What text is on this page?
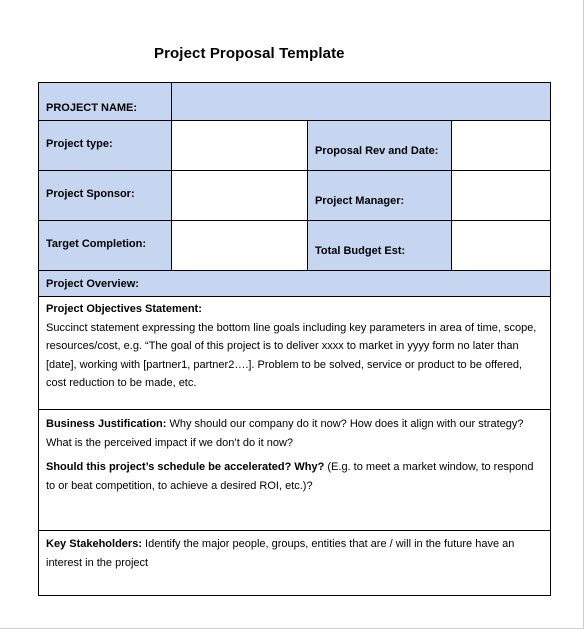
Project Proposal Template
PROJECT NAME:
Project type:
Proposal Rev and Date:
Project Sponsor:
Project Manager:
Target Completion:
Total Budget Est:
Project Overview:

Project Objectives Statement:
Succinct statement expressing the bottom line goals including key parameters in area of time, scope, resources/cost, e.g. “The goal of this project is to deliver xxxx to market in yyyy form no later than [date], working with [partner1, partner2….]. Problem to be solved, service or product to be offered, cost reduction to be made, etc.

Business Justification: Why should our company do it now? How does it align with our strategy? What is the perceived impact if we don’t do it now?

Should this project’s schedule be accelerated? Why? (E.g. to meet a market window, to respond to or beat competition, to achieve a desired ROI, etc.)?

Key Stakeholders: Identify the major people, groups, entities that are / will in the future have an interest in the project
